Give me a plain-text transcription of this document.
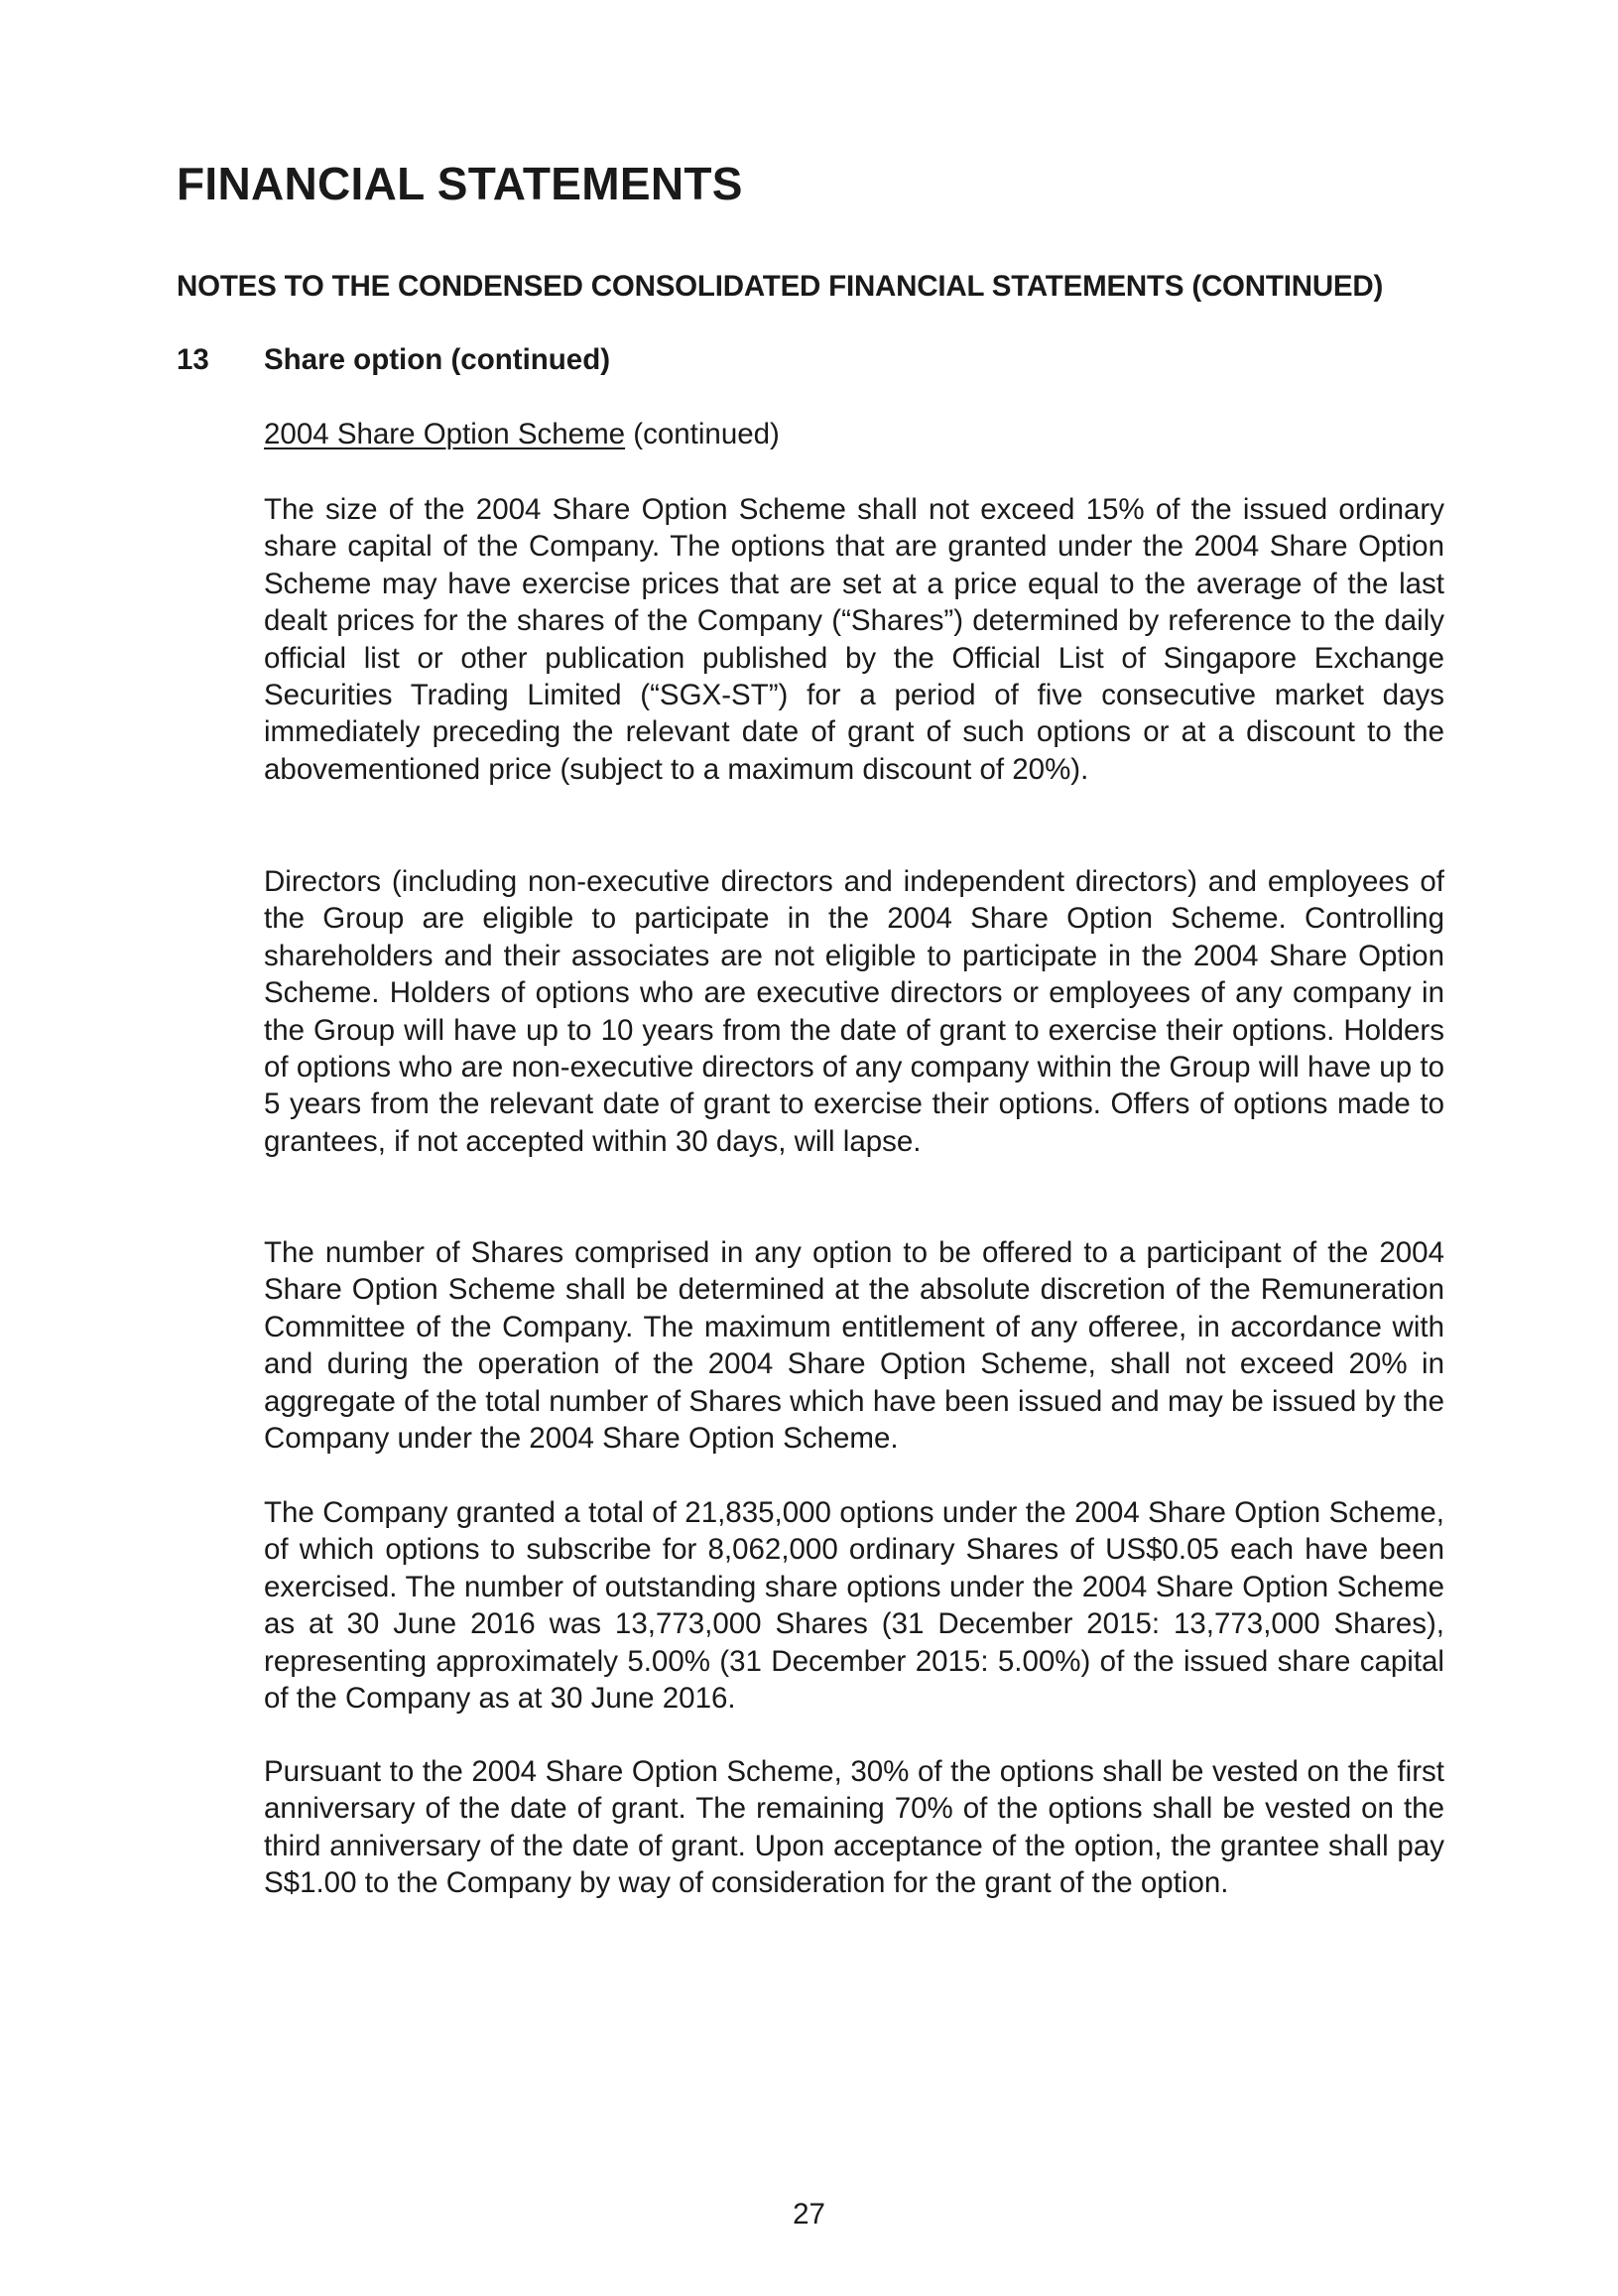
FINANCIAL STATEMENTS
NOTES TO THE CONDENSED CONSOLIDATED FINANCIAL STATEMENTS (CONTINUED)
13 Share option (continued)
2004 Share Option Scheme (continued)

The size of the 2004 Share Option Scheme shall not exceed 15% of the issued ordinary share capital of the Company. The options that are granted under the 2004 Share Option Scheme may have exercise prices that are set at a price equal to the average of the last dealt prices for the shares of the Company (“Shares”) determined by reference to the daily official list or other publication published by the Official List of Singapore Exchange Securities Trading Limited (“SGX-ST”) for a period of five consecutive market days immediately preceding the relevant date of grant of such options or at a discount to the abovementioned price (subject to a maximum discount of 20%).

Directors (including non-executive directors and independent directors) and employees of the Group are eligible to participate in the 2004 Share Option Scheme. Controlling shareholders and their associates are not eligible to participate in the 2004 Share Option Scheme. Holders of options who are executive directors or employees of any company in the Group will have up to 10 years from the date of grant to exercise their options. Holders of options who are non-executive directors of any company within the Group will have up to 5 years from the relevant date of grant to exercise their options. Offers of options made to grantees, if not accepted within 30 days, will lapse.

The number of Shares comprised in any option to be offered to a participant of the 2004 Share Option Scheme shall be determined at the absolute discretion of the Remuneration Committee of the Company. The maximum entitlement of any offeree, in accordance with and during the operation of the 2004 Share Option Scheme, shall not exceed 20% in aggregate of the total number of Shares which have been issued and may be issued by the Company under the 2004 Share Option Scheme.

The Company granted a total of 21,835,000 options under the 2004 Share Option Scheme, of which options to subscribe for 8,062,000 ordinary Shares of US$0.05 each have been exercised. The number of outstanding share options under the 2004 Share Option Scheme as at 30 June 2016 was 13,773,000 Shares (31 December 2015: 13,773,000 Shares), representing approximately 5.00% (31 December 2015: 5.00%) of the issued share capital of the Company as at 30 June 2016.

Pursuant to the 2004 Share Option Scheme, 30% of the options shall be vested on the first anniversary of the date of grant. The remaining 70% of the options shall be vested on the third anniversary of the date of grant. Upon acceptance of the option, the grantee shall pay S$1.00 to the Company by way of consideration for the grant of the option.

27
